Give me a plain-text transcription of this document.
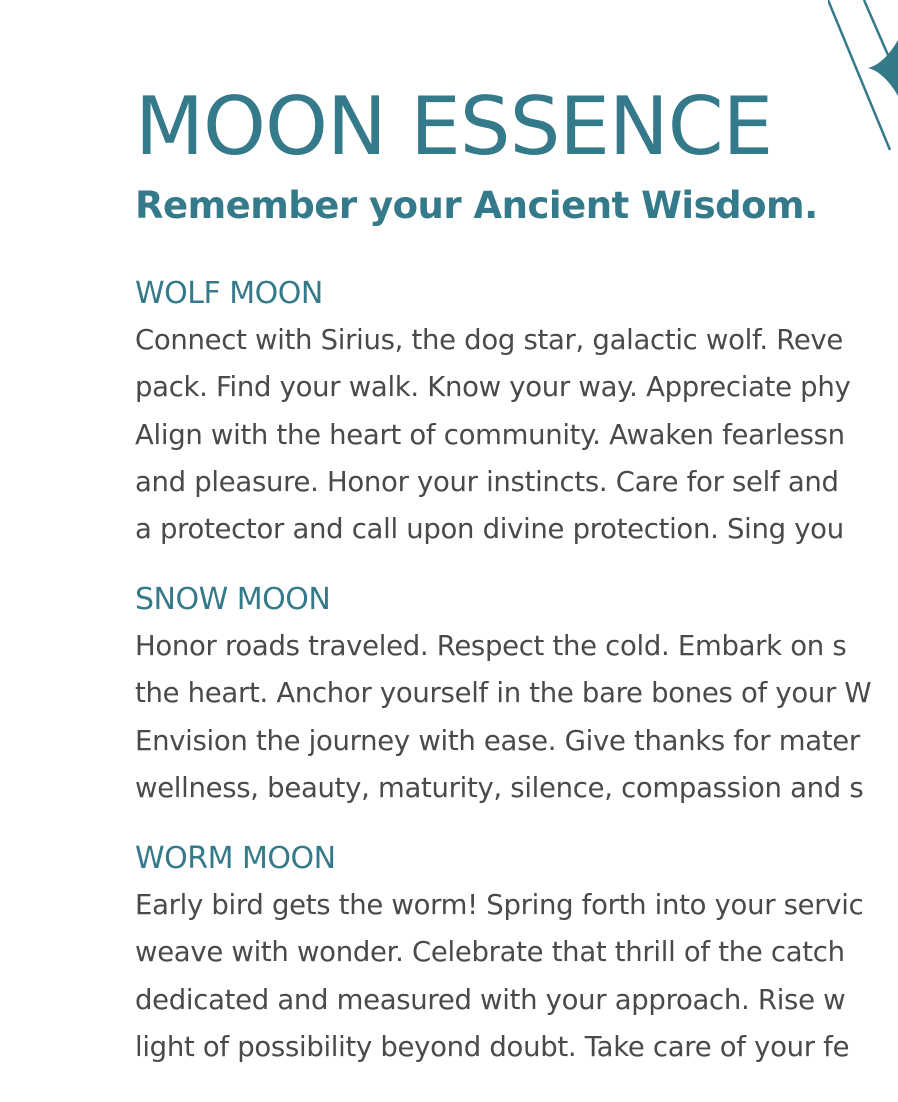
MOON ESSENCE
Remember your Ancient Wisdom.
WOLF MOON
Connect with Sirius, the dog star, galactic wolf. Reve
pack. Find your walk. Know your way. Appreciate phy
Align with the heart of community. Awaken fearlessn
and pleasure. Honor your instincts. Care for self and
a protector and call upon divine protection. Sing you
SNOW MOON
Honor roads traveled. Respect the cold. Embark on s
the heart. Anchor yourself in the bare bones of your W
Envision the journey with ease. Give thanks for mater
wellness, beauty, maturity, silence, compassion and s
WORM MOON
Early bird gets the worm! Spring forth into your servic
weave with wonder. Celebrate that thrill of the catch
dedicated and measured with your approach. Rise w
light of possibility beyond doubt. Take care of your fe
